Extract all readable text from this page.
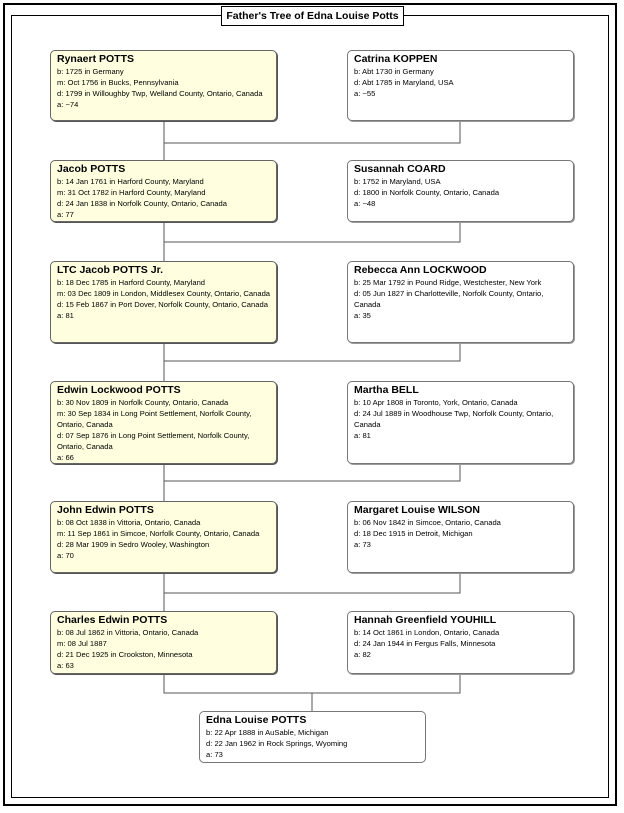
Father's Tree of Edna Louise Potts
Rynaert POTTS
b: 1725 in Germany
m: Oct 1756 in Bucks, Pennsylvania
d: 1799 in Willoughby Twp, Welland County, Ontario, Canada
a: ~74
Catrina KOPPEN
b: Abt 1730 in Germany
d: Abt 1785 in Maryland, USA
a: ~55
Jacob POTTS
b: 14 Jan 1761 in Harford County, Maryland
m: 31 Oct 1782 in Harford County, Maryland
d: 24 Jan 1838 in Norfolk County, Ontario, Canada
a: 77
Susannah COARD
b: 1752 in Maryland, USA
d: 1800 in Norfolk County, Ontario, Canada
a: ~48
LTC Jacob POTTS Jr.
b: 18 Dec 1785 in Harford County, Maryland
m: 03 Dec 1809 in London, Middlesex County, Ontario, Canada
d: 15 Feb 1867 in Port Dover, Norfolk County, Ontario, Canada
a: 81
Rebecca Ann LOCKWOOD
b: 25 Mar 1792 in Pound Ridge, Westchester, New York
d: 05 Jun 1827 in Charlotteville, Norfolk County, Ontario, Canada
a: 35
Edwin Lockwood POTTS
b: 30 Nov 1809 in Norfolk County, Ontario, Canada
m: 30 Sep 1834 in Long Point Settlement, Norfolk County, Ontario, Canada
d: 07 Sep 1876 in Long Point Settlement, Norfolk County, Ontario, Canada
a: 66
Martha BELL
b: 10 Apr 1808 in Toronto, York, Ontario, Canada
d: 24 Jul 1889 in Woodhouse Twp, Norfolk County, Ontario, Canada
a: 81
John Edwin POTTS
b: 08 Oct 1838 in Vittoria, Ontario, Canada
m: 11 Sep 1861 in Simcoe, Norfolk County, Ontario, Canada
d: 28 Mar 1909 in Sedro Wooley, Washington
a: 70
Margaret Louise WILSON
b: 06 Nov 1842 in Simcoe, Ontario, Canada
d: 18 Dec 1915 in Detroit, Michigan
a: 73
Charles Edwin POTTS
b: 08 Jul 1862 in Vittoria, Ontario, Canada
m: 08 Jul 1887
d: 21 Dec 1925 in Crookston, Minnesota
a: 63
Hannah Greenfield YOUHILL
b: 14 Oct 1861 in London, Ontario, Canada
d: 24 Jan 1944 in Fergus Falls, Minnesota
a: 82
Edna Louise POTTS
b: 22 Apr 1888 in AuSable, Michigan
d: 22 Jan 1962 in Rock Springs, Wyoming
a: 73
